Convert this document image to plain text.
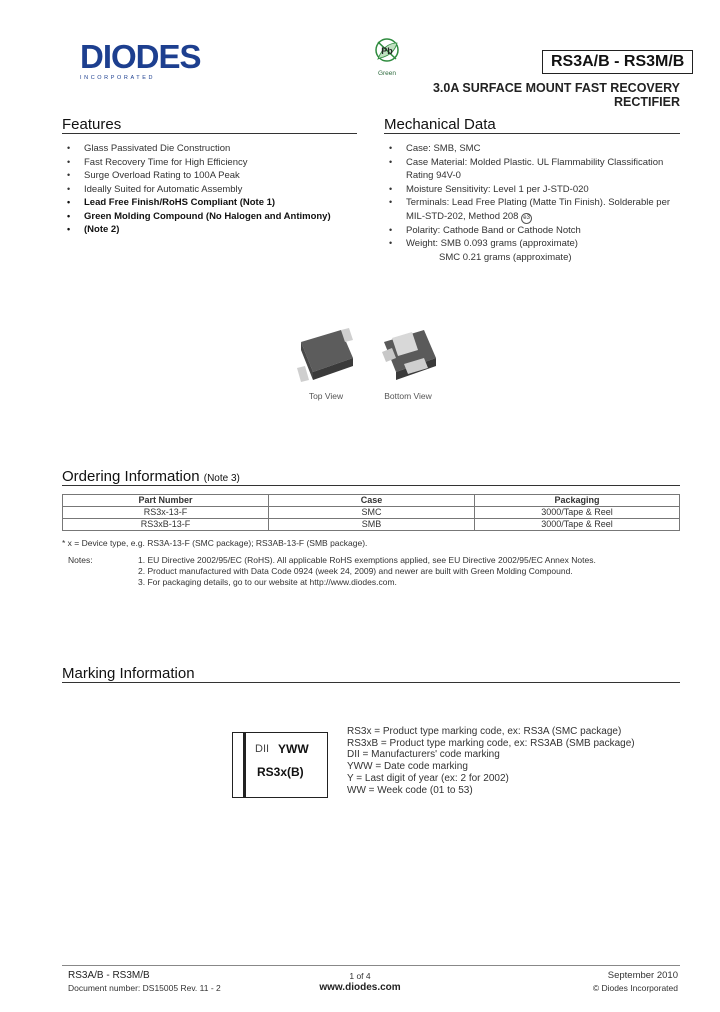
DIODES
INCORPORATED
Pb
Green
RS3A/B - RS3M/B
3.0A SURFACE MOUNT FAST RECOVERY RECTIFIER
Features
• Glass Passivated Die Construction
• Fast Recovery Time for High Efficiency
• Surge Overload Rating to 100A Peak
• Ideally Suited for Automatic Assembly
• Lead Free Finish/RoHS Compliant (Note 1)
• Green Molding Compound (No Halogen and Antimony)
• (Note 2)
Mechanical Data
• Case: SMB, SMC
• Case Material: Molded Plastic. UL Flammability Classification
Rating 94V-0
• Moisture Sensitivity: Level 1 per J-STD-020
• Terminals: Lead Free Plating (Matte Tin Finish). Solderable per
MIL-STD-202, Method 208 e3
• Polarity: Cathode Band or Cathode Notch
• Weight: SMB 0.093 grams (approximate)
SMC 0.21 grams (approximate)
Top View	Bottom View
Ordering Information (Note 3)
Part Number	Case	Packaging
RS3x-13-F	SMC	3000/Tape & Reel
RS3xB-13-F	SMB	3000/Tape & Reel
* x = Device type, e.g. RS3A-13-F (SMC package); RS3AB-13-F (SMB package).
Notes:	1. EU Directive 2002/95/EC (RoHS). All applicable RoHS exemptions applied, see EU Directive 2002/95/EC Annex Notes.
2. Product manufactured with Data Code 0924 (week 24, 2009) and newer are built with Green Molding Compound.
3. For packaging details, go to our website at http://www.diodes.com.
Marking Information
DII YWW
RS3x(B)
RS3x = Product type marking code, ex: RS3A (SMC package)
RS3xB = Product type marking code, ex: RS3AB (SMB package)
DII = Manufacturers' code marking
YWW = Date code marking
Y = Last digit of year (ex: 2 for 2002)
WW = Week code (01 to 53)
RS3A/B - RS3M/B
Document number: DS15005 Rev. 11 - 2
1 of 4
www.diodes.com
September 2010
© Diodes Incorporated
